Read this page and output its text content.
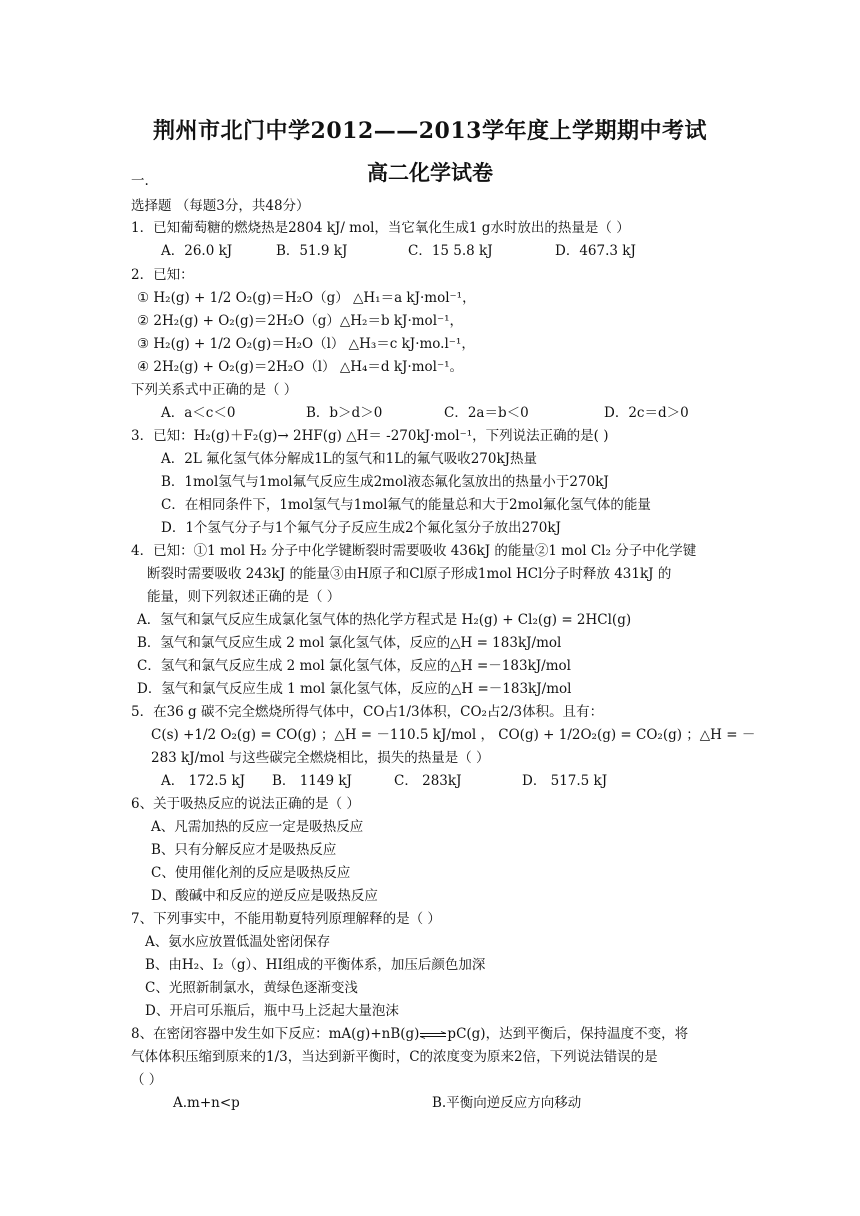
荆州市北门中学2012——2013学年度上学期期中考试
一.	高二化学试卷
选择题 （每题3分，共48分）
1．已知葡萄糖的燃烧热是2804 kJ/ mol，当它氧化生成1 g水时放出的热量是（ ）
A．26.0 kJ	B．51.9 kJ	C．15 5.8 kJ	D．467.3 kJ
2．已知：
① H₂(g) + 1/2 O₂(g)＝H₂O（g） △H₁＝a kJ·mol⁻¹，
② 2H₂(g) + O₂(g)＝2H₂O（g）△H₂＝b kJ·mol⁻¹，
③ H₂(g) + 1/2 O₂(g)＝H₂O（l） △H₃＝c kJ·mo.l⁻¹，
④ 2H₂(g) + O₂(g)＝2H₂O（l） △H₄＝d kJ·mol⁻¹。
下列关系式中正确的是（ ）
A．a＜c＜0	B．b＞d＞0	C．2a＝b＜0	D．2c＝d＞0
3．已知：H₂(g)＋F₂(g)→ 2HF(g) △H＝ -270kJ·mol⁻¹，下列说法正确的是( )
A．2L 氟化氢气体分解成1L的氢气和1L的氟气吸收270kJ热量
B．1mol氢气与1mol氟气反应生成2mol液态氟化氢放出的热量小于270kJ
C．在相同条件下，1mol氢气与1mol氟气的能量总和大于2mol氟化氢气体的能量
D．1个氢气分子与1个氟气分子反应生成2个氟化氢分子放出270kJ
4．已知：①1 mol H₂ 分子中化学键断裂时需要吸收 436kJ 的能量②1 mol Cl₂ 分子中化学键
断裂时需要吸收 243kJ 的能量③由H原子和Cl原子形成1mol HCl分子时释放 431kJ 的
能量，则下列叙述正确的是（ ）
A．氢气和氯气反应生成氯化氢气体的热化学方程式是 H₂(g) + Cl₂(g) = 2HCl(g)
B．氢气和氯气反应生成 2 mol 氯化氢气体，反应的△H = 183kJ/mol
C．氢气和氯气反应生成 2 mol 氯化氢气体，反应的△H =－183kJ/mol
D．氢气和氯气反应生成 1 mol 氯化氢气体，反应的△H =－183kJ/mol
5．在36 g 碳不完全燃烧所得气体中，CO占1/3体积，CO₂占2/3体积。且有：
C(s) +1/2 O₂(g) = CO(g) ；△H = －110.5 kJ/mol ， CO(g) + 1/2O₂(g) = CO₂(g) ；△H = －
283 kJ/mol 与这些碳完全燃烧相比，损失的热量是（ ）
A． 172.5 kJ B． 1149 kJ	C． 283kJ	D． 517.5 kJ
6、关于吸热反应的说法正确的是（ ）
A、凡需加热的反应一定是吸热反应
B、只有分解反应才是吸热反应
C、使用催化剂的反应是吸热反应
D、酸碱中和反应的逆反应是吸热反应
7、下列事实中，不能用勒夏特列原理解释的是（ ）
A、氨水应放置低温处密闭保存
B、由H₂、I₂（g）、HI组成的平衡体系，加压后颜色加深
C、光照新制氯水，黄绿色逐渐变浅
D、开启可乐瓶后，瓶中马上泛起大量泡沫
8、在密闭容器中发生如下反应：mA(g)+nB(g)⇌pC(g)，达到平衡后，保持温度不变，将
气体体积压缩到原来的1/3，当达到新平衡时，C的浓度变为原来2倍，下列说法错误的是
（ ）
A.m+n<p	B.平衡向逆反应方向移动
